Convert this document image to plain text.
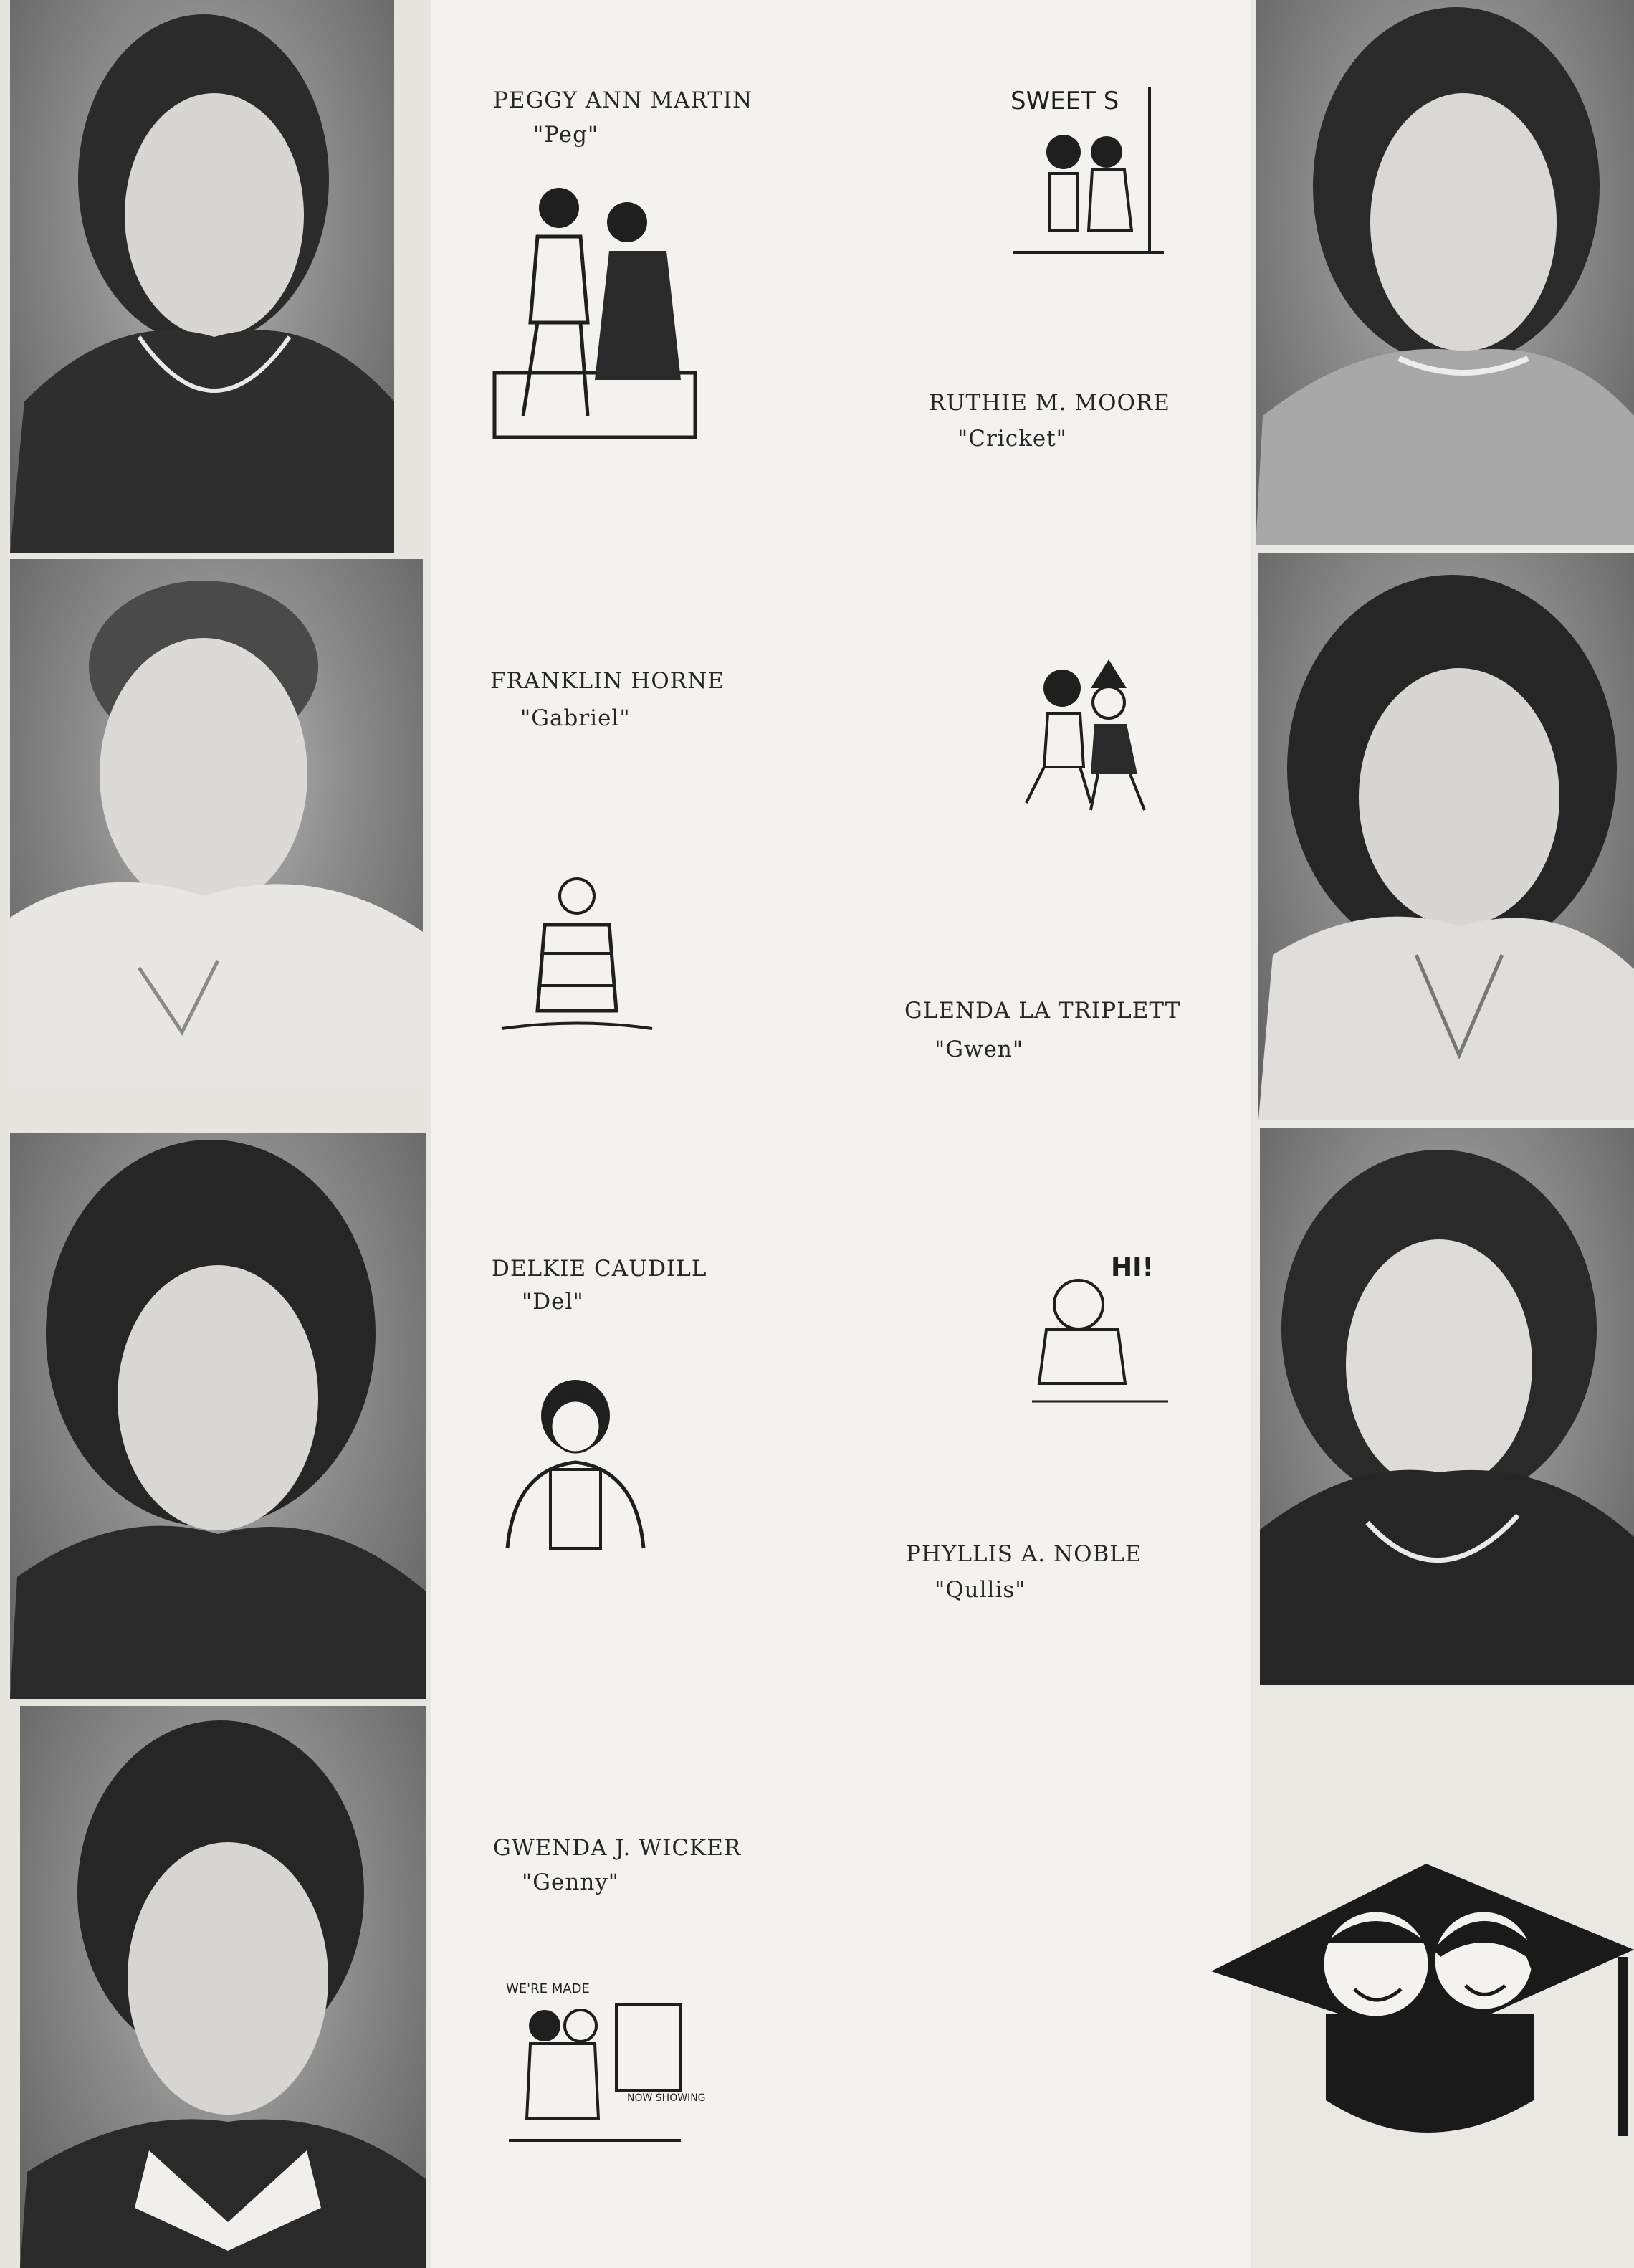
PEGGY ANN MARTIN
"Peg"
RUTHIE M. MOORE
"Cricket"
FRANKLIN HORNE
"Gabriel"
GLENDA LA TRIPLETT
"Gwen"
DELKIE CAUDILL
"Del"
PHYLLIS A. NOBLE
"Qullis"
GWENDA J. WICKER
"Genny"
SWEET S
HI!
WE'RE MADE
NOW SHOWING
